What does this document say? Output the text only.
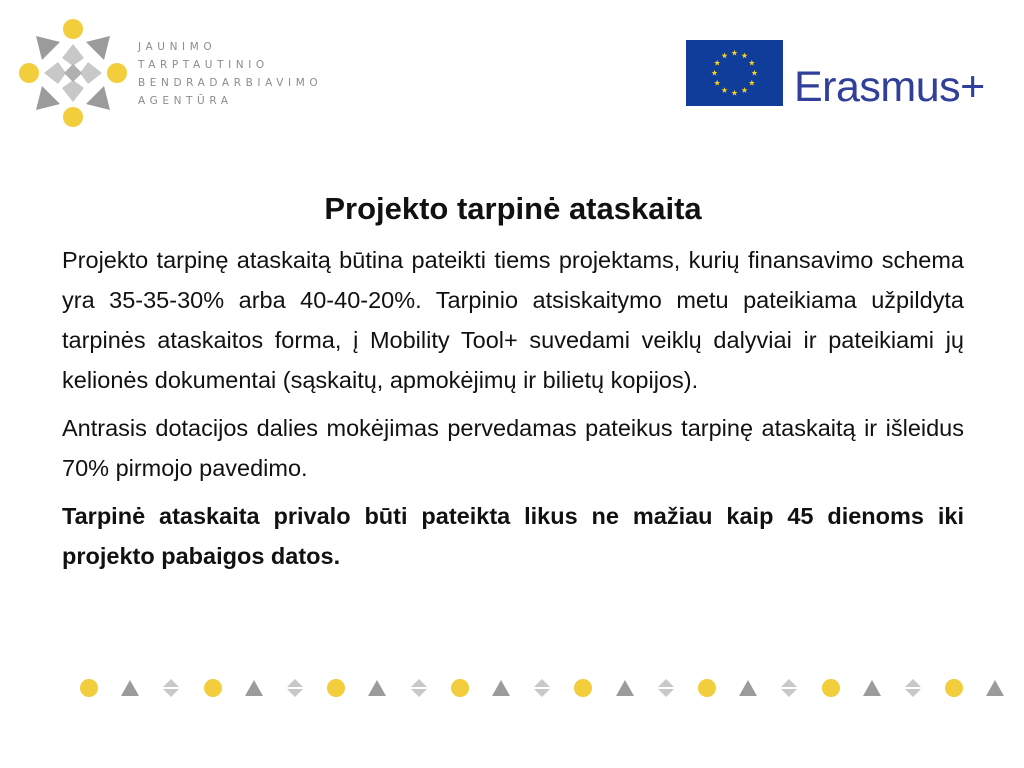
JAUNIMO
TARPTAUTINIO
BENDRADARBIAVIMO
AGENTŪRA	Erasmus+
Projekto tarpinė ataskaita

Projekto tarpinę ataskaitą būtina pateikti tiems projektams, kurių finansavimo schema yra 35-35-30% arba 40-40-20%. Tarpinio atsiskaitymo metu pateikiama užpildyta tarpinės ataskaitos forma, į Mobility Tool+ suvedami veiklų dalyviai ir pateikiami jų kelionės dokumentai (sąskaitų, apmokėjimų ir bilietų kopijos).

Antrasis dotacijos dalies mokėjimas pervedamas pateikus tarpinę ataskaitą ir išleidus 70% pirmojo pavedimo.

Tarpinė ataskaita privalo būti pateikta likus ne mažiau kaip 45 dienoms iki projekto pabaigos datos.
